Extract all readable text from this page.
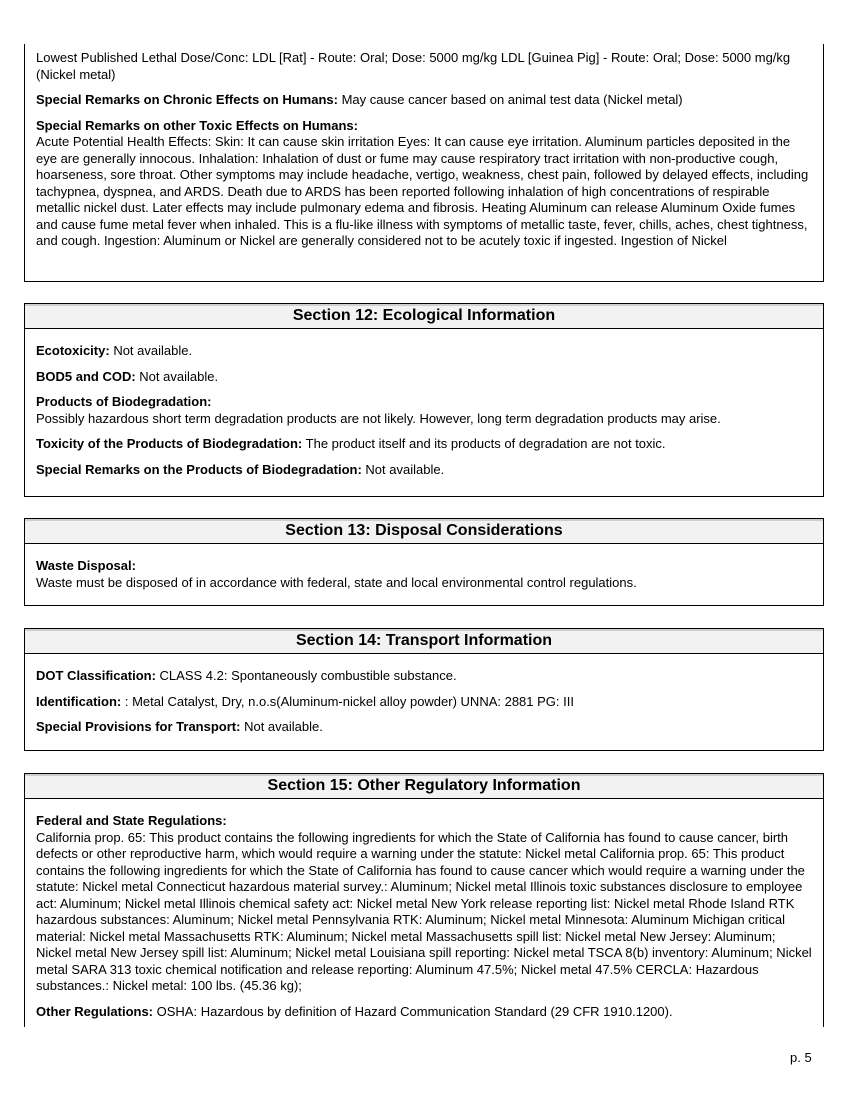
Lowest Published Lethal Dose/Conc: LDL [Rat] - Route: Oral; Dose: 5000 mg/kg LDL [Guinea Pig] - Route: Oral; Dose: 5000 mg/kg (Nickel metal)

Special Remarks on Chronic Effects on Humans: May cause cancer based on animal test data (Nickel metal)

Special Remarks on other Toxic Effects on Humans:
Acute Potential Health Effects: Skin: It can cause skin irritation Eyes: It can cause eye irritation. Aluminum particles deposited in the eye are generally innocous. Inhalation: Inhalation of dust or fume may cause respiratory tract irritation with non-productive cough, hoarseness, sore throat. Other symptoms may include headache, vertigo, weakness, chest pain, followed by delayed effects, including tachypnea, dyspnea, and ARDS. Death due to ARDS has been reported following inhalation of high concentrations of respirable metallic nickel dust. Later effects may include pulmonary edema and fibrosis. Heating Aluminum can release Aluminum Oxide fumes and cause fume metal fever when inhaled. This is a flu-like illness with symptoms of metallic taste, fever, chills, aches, chest tightness, and cough. Ingestion: Aluminum or Nickel are generally considered not to be acutely toxic if ingested. Ingestion of Nickel

Section 12: Ecological Information

Ecotoxicity: Not available.

BOD5 and COD: Not available.

Products of Biodegradation:
Possibly hazardous short term degradation products are not likely. However, long term degradation products may arise.

Toxicity of the Products of Biodegradation: The product itself and its products of degradation are not toxic.

Special Remarks on the Products of Biodegradation: Not available.

Section 13: Disposal Considerations

Waste Disposal:
Waste must be disposed of in accordance with federal, state and local environmental control regulations.

Section 14: Transport Information

DOT Classification: CLASS 4.2: Spontaneously combustible substance.

Identification: : Metal Catalyst, Dry, n.o.s(Aluminum-nickel alloy powder) UNNA: 2881 PG: III

Special Provisions for Transport: Not available.

Section 15: Other Regulatory Information

Federal and State Regulations:
California prop. 65: This product contains the following ingredients for which the State of California has found to cause cancer, birth defects or other reproductive harm, which would require a warning under the statute: Nickel metal California prop. 65: This product contains the following ingredients for which the State of California has found to cause cancer which would require a warning under the statute: Nickel metal Connecticut hazardous material survey.: Aluminum; Nickel metal Illinois toxic substances disclosure to employee act: Aluminum; Nickel metal Illinois chemical safety act: Nickel metal New York release reporting list: Nickel metal Rhode Island RTK hazardous substances: Aluminum; Nickel metal Pennsylvania RTK: Aluminum; Nickel metal Minnesota: Aluminum Michigan critical material: Nickel metal Massachusetts RTK: Aluminum; Nickel metal Massachusetts spill list: Nickel metal New Jersey: Aluminum; Nickel metal New Jersey spill list: Aluminum; Nickel metal Louisiana spill reporting: Nickel metal TSCA 8(b) inventory: Aluminum; Nickel metal SARA 313 toxic chemical notification and release reporting: Aluminum 47.5%; Nickel metal 47.5% CERCLA: Hazardous substances.: Nickel metal: 100 lbs. (45.36 kg);

Other Regulations: OSHA: Hazardous by definition of Hazard Communication Standard (29 CFR 1910.1200).

p. 5
